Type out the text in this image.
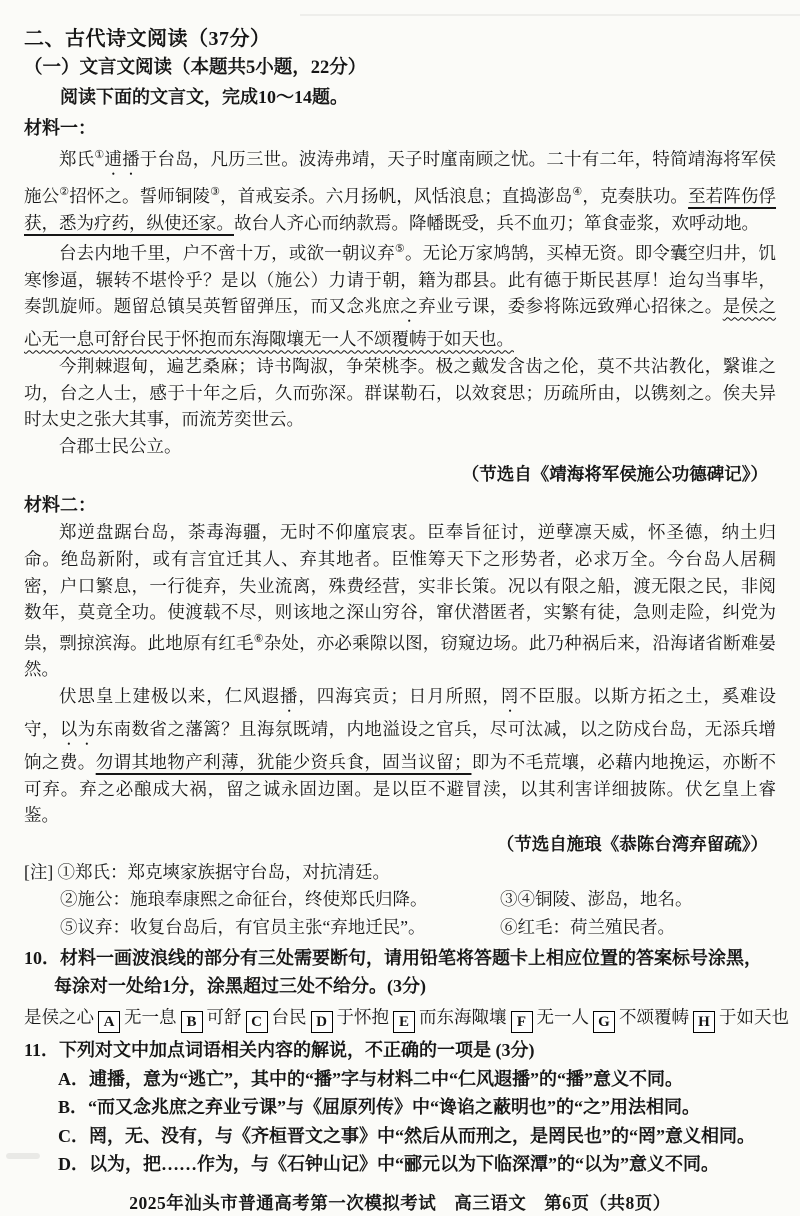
二、古代诗文阅读（37分）
（一）文言文阅读（本题共5小题，22分）
阅读下面的文言文，完成10～14题。
材料一：

郑氏①逋播于台岛，凡历三世。波涛弗靖，天子时廑南顾之忧。二十有二年，特简靖海将军侯施公②招怀之。誓师铜陵③，首戒妄杀。六月扬帆，风恬浪息；直捣澎岛④，克奏肤功。至若阵伤俘获，悉为疗药，纵使还家。故台人齐心而纳款焉。降幡既受，兵不血刃；箪食壶浆，欢呼动地。

台去内地千里，户不啻十万，或欲一朝议弃⑤。无论万家鸠鹄，买棹无资。即令囊空归井，饥寒惨逼，辗转不堪怜乎？是以（施公）力请于朝，籍为郡县。此有德于斯民甚厚！迨勾当事毕，奏凯旋师。题留总镇吴英暂留弹压，而又念兆庶之弃业亏课，委参将陈远致殚心招徕之。是侯之心无一息可舒台民于怀抱而东海陬壤无一人不颂覆帱于如天也。

今荆棘遐甸，遍艺桑麻；诗书陶淑，争荣桃李。极之戴发含齿之伦，莫不共沾教化，繄谁之功，台之人士，感于十年之后，久而弥深。群谋勒石，以效袞思；历疏所由，以镌刻之。俟夫异时太史之张大其事，而流芳奕世云。

合郡士民公立。

（节选自《靖海将军侯施公功德碑记》）
材料二：

郑逆盘踞台岛，荼毒海疆，无时不仰廑宸衷。臣奉旨征讨，逆孽凛天威，怀圣德，纳土归命。绝岛新附，或有言宜迁其人、弃其地者。臣惟筹天下之形势者，必求万全。今台岛人居稠密，户口繁息，一行徙弃，失业流离，殊费经营，实非长策。况以有限之船，渡无限之民，非阅数年，莫竟全功。使渡载不尽，则该地之深山穷谷，窜伏潜匿者，实繁有徒，急则走险，纠党为祟，剽掠滨海。此地原有红毛⑥杂处，亦必乘隙以图，窃窥边场。此乃种祸后来，沿海诸省断难晏然。

伏思皇上建极以来，仁风遐播，四海宾贡；日月所照，罔不臣服。以斯方拓之土，奚难设守，以为东南数省之藩篱？且海氛既靖，内地溢设之官兵，尽可汰减，以之防戍台岛，无添兵增饷之费。勿谓其地物产利薄，犹能少资兵食，固当议留；即为不毛荒壤，必藉内地挽运，亦断不可弃。弃之必酿成大祸，留之诚永固边圉。是以臣不避冒渎，以其利害详细披陈。伏乞皇上睿鉴。

（节选自施琅《恭陈台湾弃留疏》）
[注] ①郑氏：郑克塽家族据守台岛，对抗清廷。
②施公：施琅奉康熙之命征台，终使郑氏归降。	③④铜陵、澎岛，地名。
⑤议弃：收复台岛后，有官员主张“弃地迁民”。	⑥红毛：荷兰殖民者。

10．材料一画波浪线的部分有三处需要断句，请用铅笔将答题卡上相应位置的答案标号涂黑，

每涂对一处给1分，涂黑超过三处不给分。(3分)

是侯之心 A 无一息 B 可舒 C 台民 D 于怀抱 E 而东海陬壤 F 无一人 G 不颂覆帱 H 于如天也

11．下列对文中加点词语相关内容的解说，不正确的一项是 (3分)

A．逋播，意为“逃亡”，其中的“播”字与材料二中“仁风遐播”的“播”意义不同。

B．“而又念兆庶之弃业亏课”与《屈原列传》中“谗谄之蔽明也”的“之”用法相同。

C．罔，无、没有，与《齐桓晋文之事》中“然后从而刑之，是罔民也”的“罔”意义相同。

D．以为，把……作为，与《石钟山记》中“郦元以为下临深潭”的“以为”意义不同。

2025年汕头市普通高考第一次模拟考试　高三语文　第6页（共8页）
